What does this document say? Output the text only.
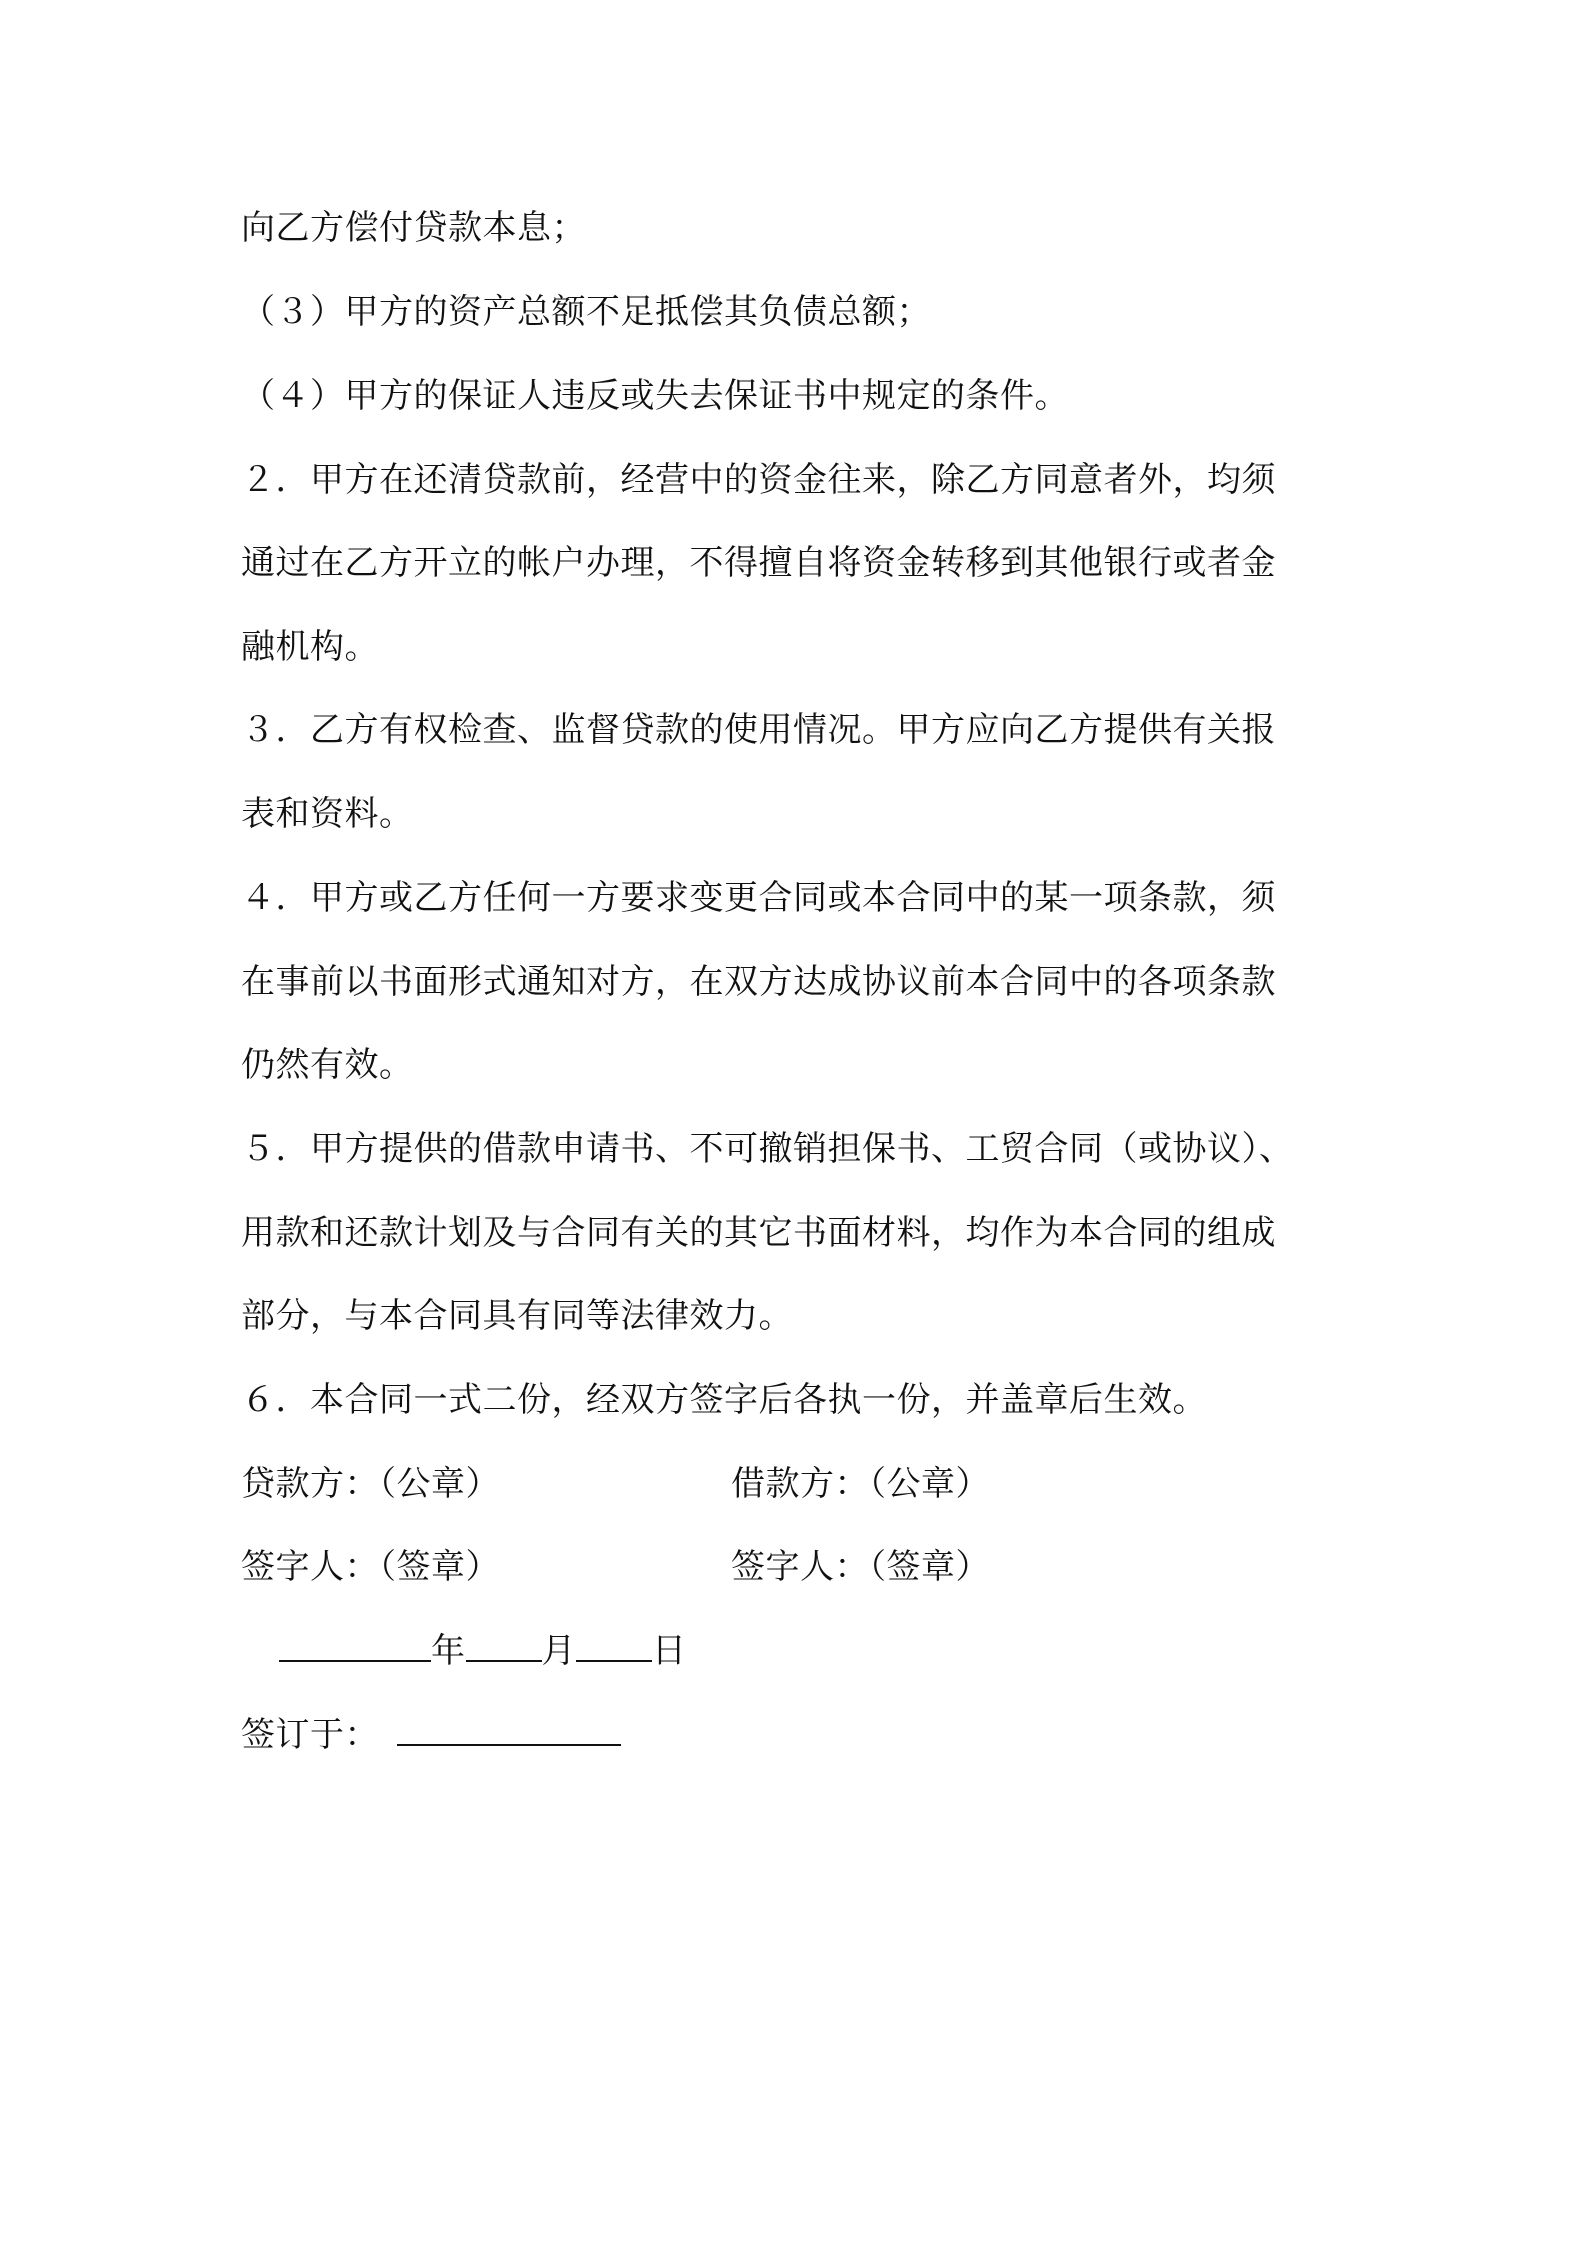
向乙方偿付贷款本息；
（３）甲方的资产总额不足抵偿其负债总额；
（４）甲方的保证人违反或失去保证书中规定的条件。
２．甲方在还清贷款前，经营中的资金往来，除乙方同意者外，均须
通过在乙方开立的帐户办理，不得擅自将资金转移到其他银行或者金
融机构。
３．乙方有权检查、监督贷款的使用情况。甲方应向乙方提供有关报
表和资料。
４．甲方或乙方任何一方要求变更合同或本合同中的某一项条款，须
在事前以书面形式通知对方，在双方达成协议前本合同中的各项条款
仍然有效。
５．甲方提供的借款申请书、不可撤销担保书、工贸合同（或协议）、
用款和还款计划及与合同有关的其它书面材料，均作为本合同的组成
部分，与本合同具有同等法律效力。
６．本合同一式二份，经双方签字后各执一份，并盖章后生效。
贷款方：（公章）	借款方：（公章）
签字人：（签章）	签字人：（签章）
年 月 日
签订于：
